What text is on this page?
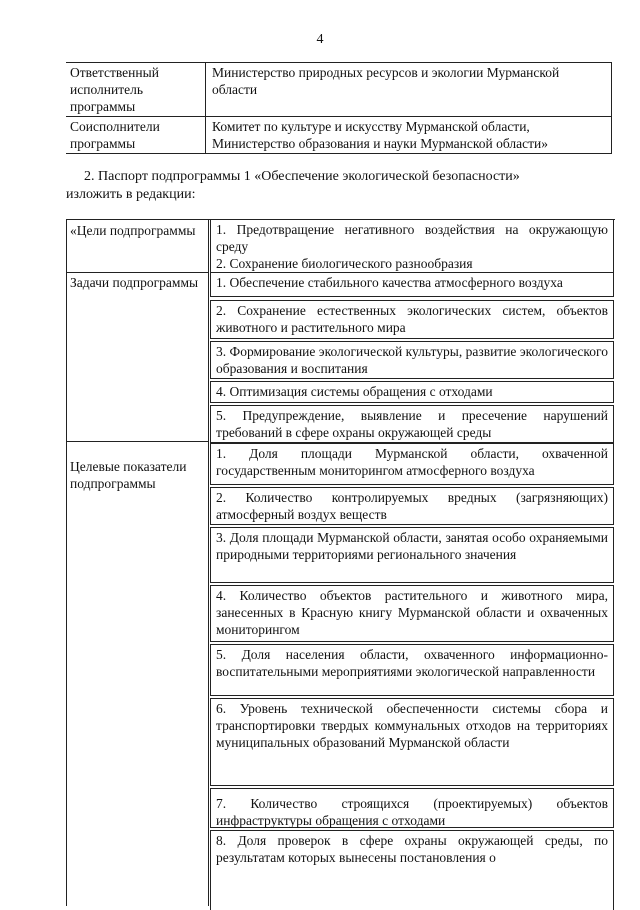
4
Ответственный исполнитель программы
Министерство природных ресурсов и экологии Мурманской области
Соисполнители программы
Комитет по культуре и искусству Мурманской области, Министерство образования и науки Мурманской области»
2. Паспорт подпрограммы 1 «Обеспечение экологической безопасности»
изложить в редакции:
«Цели подпрограммы	1. Предотвращение негативного воздействия на окружающую среду
2. Сохранение биологического разнообразия
Задачи подпрограммы	1. Обеспечение стабильного качества атмосферного воздуха
2. Сохранение естественных экологических систем, объектов животного и растительного мира
3. Формирование экологической культуры, развитие экологического образования и воспитания
4. Оптимизация системы обращения с отходами
5. Предупреждение, выявление и пресечение нарушений требований в сфере охраны окружающей среды
Целевые показатели подпрограммы
1. Доля площади Мурманской области, охваченной государственным мониторингом атмосферного воздуха
2. Количество контролируемых вредных (загрязняющих) атмосферный воздух веществ
3. Доля площади Мурманской области, занятая особо охраняемыми природными территориями регионального значения
4. Количество объектов растительного и животного мира, занесенных в Красную книгу Мурманской области и охваченных мониторингом
5. Доля населения области, охваченного информационно-воспитательными мероприятиями экологической направленности
6. Уровень технической обеспеченности системы сбора и транспортировки твердых коммунальных отходов на территориях муниципальных образований Мурманской области
7. Количество строящихся (проектируемых) объектов инфраструктуры обращения с отходами
8. Доля проверок в сфере охраны окружающей среды, по результатам которых вынесены постановления о
